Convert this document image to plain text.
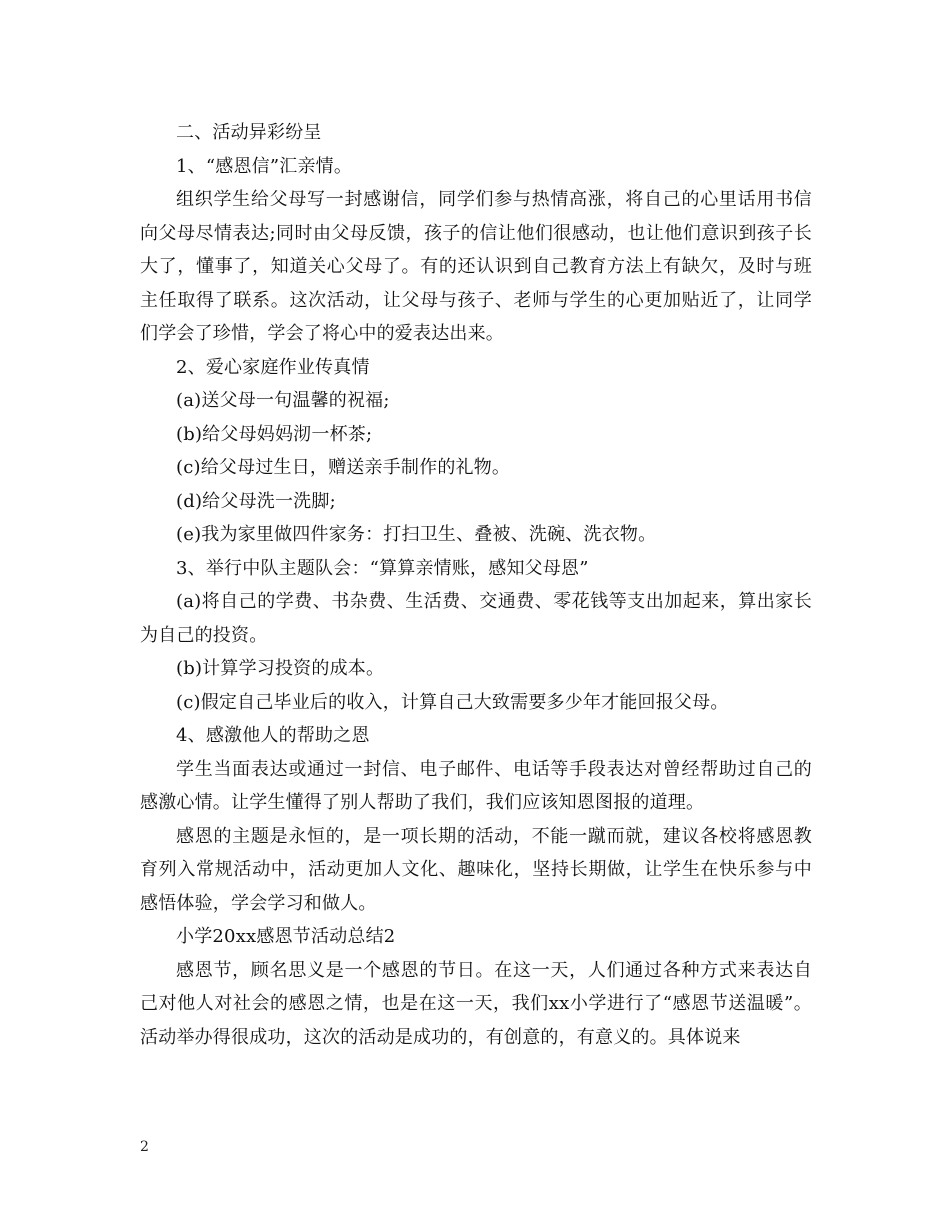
二、活动异彩纷呈

1、“感恩信”汇亲情。

组织学生给父母写一封感谢信，同学们参与热情高涨，将自己的心里话用书信向父母尽情表达;同时由父母反馈，孩子的信让他们很感动，也让他们意识到孩子长大了，懂事了，知道关心父母了。有的还认识到自己教育方法上有缺欠，及时与班主任取得了联系。这次活动，让父母与孩子、老师与学生的心更加贴近了，让同学们学会了珍惜，学会了将心中的爱表达出来。

2、爱心家庭作业传真情

(a)送父母一句温馨的祝福;

(b)给父母妈妈沏一杯茶;

(c)给父母过生日，赠送亲手制作的礼物。

(d)给父母洗一洗脚;

(e)我为家里做四件家务：打扫卫生、叠被、洗碗、洗衣物。

3、举行中队主题队会：“算算亲情账，感知父母恩”

(a)将自己的学费、书杂费、生活费、交通费、零花钱等支出加起来，算出家长为自己的投资。

(b)计算学习投资的成本。

(c)假定自己毕业后的收入，计算自己大致需要多少年才能回报父母。

4、感激他人的帮助之恩

学生当面表达或通过一封信、电子邮件、电话等手段表达对曾经帮助过自己的感激心情。让学生懂得了别人帮助了我们，我们应该知恩图报的道理。

感恩的主题是永恒的，是一项长期的活动，不能一蹴而就，建议各校将感恩教育列入常规活动中，活动更加人文化、趣味化，坚持长期做，让学生在快乐参与中感悟体验，学会学习和做人。

小学20xx感恩节活动总结2

感恩节，顾名思义是一个感恩的节日。在这一天，人们通过各种方式来表达自己对他人对社会的感恩之情，也是在这一天，我们xx小学进行了“感恩节送温暖”。活动举办得很成功，这次的活动是成功的，有创意的，有意义的。具体说来

2
